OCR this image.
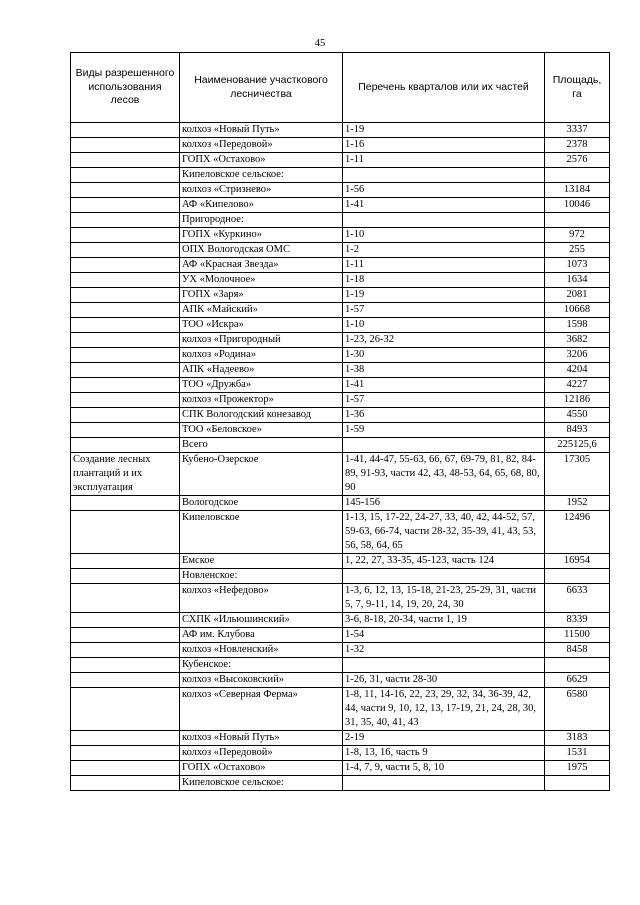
45
Виды разрешенного использования лесов	Наименование участкового лесничества	Перечень кварталов или их частей	Площадь, га
	колхоз «Новый Путь»	1-19	3337
	колхоз «Передовой»	1-16	2378
	ГОПХ «Остахово»	1-11	2576
	Кипеловское сельское:		
	колхоз «Стризнево»	1-56	13184
	АФ «Кипелово»	1-41	10046
	Пригородное:		
	ГОПХ «Куркино»	1-10	972
	ОПХ Вологодская ОМС	1-2	255
	АФ «Красная Звезда»	1-11	1073
	УХ «Молочное»	1-18	1634
	ГОПХ «Заря»	1-19	2081
	АПК «Майский»	1-57	10668
	ТОО «Искра»	1-10	1598
	колхоз «Пригородный	1-23, 26-32	3682
	колхоз «Родина»	1-30	3206
	АПК «Надеево»	1-38	4204
	ТОО «Дружба»	1-41	4227
	колхоз «Прожектор»	1-57	12186
	СПК Вологодский конезавод	1-36	4550
	ТОО «Беловское»	1-59	8493
	Всего		225125,6
Создание лесных плантаций и их эксплуатация	Кубено-Озерское	1-41, 44-47, 55-63, 66, 67, 69-79, 81, 82, 84-89, 91-93, части 42, 43, 48-53, 64, 65, 68, 80, 90	17305
	Вологодское	145-156	1952
	Кипеловское	1-13, 15, 17-22, 24-27, 33, 40, 42, 44-52, 57, 59-63, 66-74, части 28-32, 35-39, 41, 43, 53, 56, 58, 64, 65	12496
	Емское	1, 22, 27, 33-35, 45-123, часть 124	16954
	Новленское:		
	колхоз «Нефедово»	1-3, 6, 12, 13, 15-18, 21-23, 25-29, 31, части 5, 7, 9-11, 14, 19, 20, 24, 30	6633
	СХПК «Ильюшинский»	3-6, 8-18, 20-34, части 1, 19	8339
	АФ им. Клубова	1-54	11500
	колхоз «Новленский»	1-32	8458
	Кубенское:		
	колхоз «Высоковский»	1-26, 31, части 28-30	6629
	колхоз «Северная Ферма»	1-8, 11, 14-16, 22, 23, 29, 32, 34, 36-39, 42, 44, части 9, 10, 12, 13, 17-19, 21, 24, 28, 30, 31, 35, 40, 41, 43	6580
	колхоз «Новый Путь»	2-19	3183
	колхоз «Передовой»	1-8, 13, 16, часть 9	1531
	ГОПХ «Остахово»	1-4, 7, 9, части 5, 8, 10	1975
	Кипеловское сельское:		
